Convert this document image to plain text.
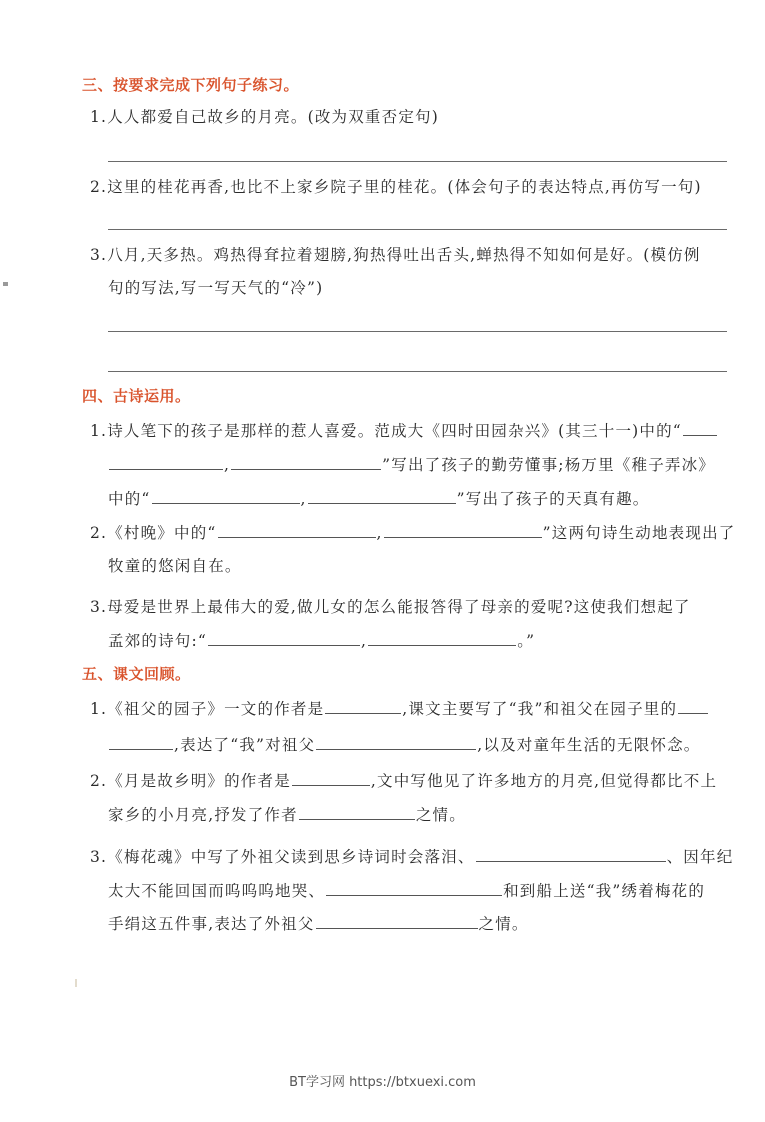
三、按要求完成下列句子练习。
1.人人都爱自己故乡的月亮。(改为双重否定句)
2.这里的桂花再香,也比不上家乡院子里的桂花。(体会句子的表达特点,再仿写一句)
3.八月,天多热。鸡热得耷拉着翅膀,狗热得吐出舌头,蝉热得不知如何是好。(模仿例
句的写法,写一写天气的“冷”)
四、古诗运用。
1.诗人笔下的孩子是那样的惹人喜爱。范成大《四时田园杂兴》(其三十一)中的“
,	”写出了孩子的勤劳懂事;杨万里《稚子弄冰》
中的“	,	”写出了孩子的天真有趣。
2.《村晚》中的“	,	”这两句诗生动地表现出了
牧童的悠闲自在。
3.母爱是世界上最伟大的爱,做儿女的怎么能报答得了母亲的爱呢?这使我们想起了
孟郊的诗句:“	,	。”
五、课文回顾。
1.《祖父的园子》一文的作者是	,课文主要写了“我”和祖父在园子里的
,表达了“我”对祖父	,以及对童年生活的无限怀念。
2.《月是故乡明》的作者是	,文中写他见了许多地方的月亮,但觉得都比不上
家乡的小月亮,抒发了作者	之情。
3.《梅花魂》中写了外祖父读到思乡诗词时会落泪、	、因年纪
太大不能回国而呜呜呜地哭、	和到船上送“我”绣着梅花的
手绢这五件事,表达了外祖父	之情。
BT学习网 https://btxuexi.com
